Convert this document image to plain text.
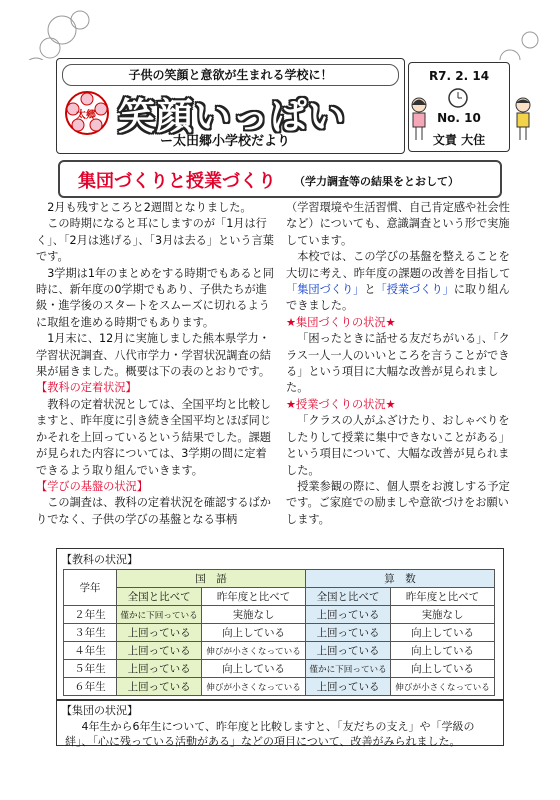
子供の笑顔と意欲が生まれる学校に！
太郷 笑顔いっぱい
ー太田郷小学校だより
R7. 2. 14
No. 10
文責 大住
集団づくりと授業づくり （学力調査等の結果をとおして）

2月も残すところと2週間となりました。

この時期になると耳にしますのが「1月は行く」、「2月は逃げる」、「3月は去る」という言葉です。

3学期は1年のまとめをする時期でもあると同時に、新年度の0学期でもあり、子供たちが進級・進学後のスタートをスムーズに切れるように取組を進める時期でもあります。

1月末に、12月に実施しました熊本県学力・学習状況調査、八代市学力・学習状況調査の結果が届きました。概要は下の表のとおりです。

【教科の定着状況】

教科の定着状況としては、全国平均と比較しますと、昨年度に引き続き全国平均とほぼ同じかそれを上回っているという結果でした。課題が見られた内容については、3学期の間に定着できるよう取り組んでいきます。

【学びの基盤の状況】

この調査は、教科の定着状況を確認するばかりでなく、子供の学びの基盤となる事柄

（学習環境や生活習慣、自己肯定感や社会性など）についても、意識調査という形で実施しています。

本校では、この学びの基盤を整えることを大切に考え、昨年度の課題の改善を目指して「集団づくり」と「授業づくり」に取り組んできました。

★集団づくりの状況★

「困ったときに話せる友だちがいる」、「クラス一人一人のいいところを言うことができる」という項目に大幅な改善が見られました。

★授業づくりの状況★

「クラスの人がふざけたり、おしゃべりをしたりして授業に集中できないことがある」という項目について、大幅な改善が見られました。

授業参観の際に、個人票をお渡しする予定です。ご家庭での励ましや意欲づけをお願いします。

【教科の状況】
学年	国　語		算　数	
	全国と比べて	昨年度と比べて	全国と比べて	昨年度と比べて
２年生	僅かに下回っている	実施なし	上回っている	実施なし
３年生	上回っている	向上している	上回っている	向上している
４年生	上回っている	伸びが小さくなっている	上回っている	向上している
５年生	上回っている	向上している	僅かに下回っている	向上している
６年生	上回っている	伸びが小さくなっている	上回っている	伸びが小さくなっている
【集団の状況】
4年生から6年生について、昨年度と比較しますと、「友だちの支え」や「学級の絆」、「心に残っている活動がある」などの項目について、改善がみられました。
